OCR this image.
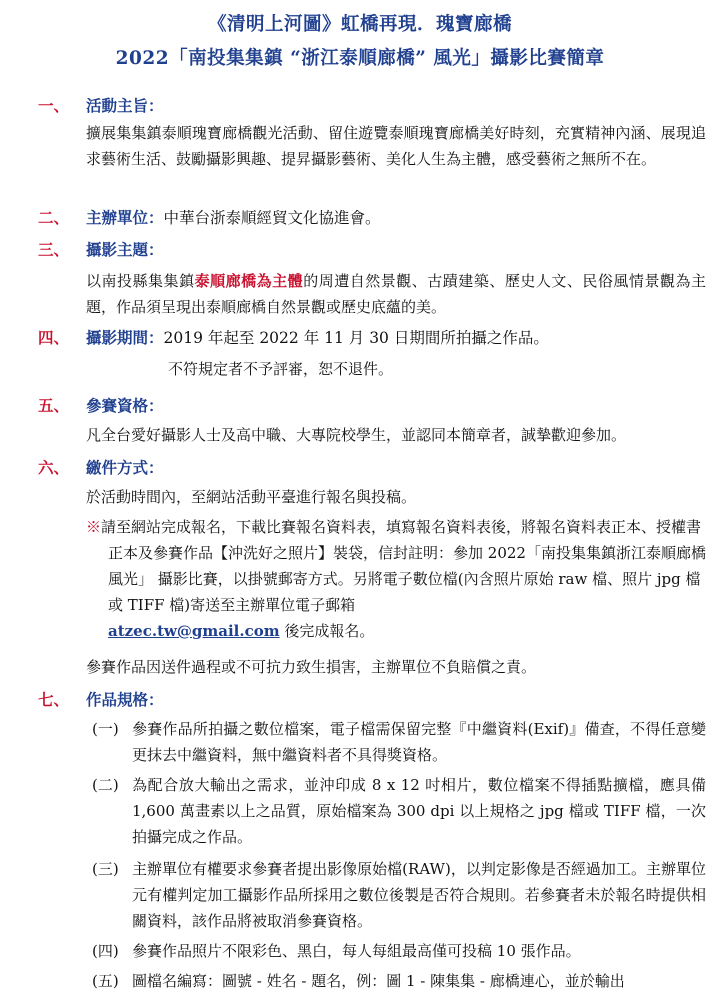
《清明上河圖》虹橋再現．瑰寶廊橋
2022「南投集集鎮 “浙江泰順廊橋” 風光」攝影比賽簡章
一、 活動主旨：
擴展集集鎮泰順瑰寶廊橋觀光活動、留住遊覽泰順瑰寶廊橋美好時刻，充實精神內涵、展現追求藝術生活、鼓勵攝影興趣、提昇攝影藝術、美化人生為主體，感受藝術之無所不在。
二、 主辦單位：中華台浙泰順經貿文化協進會。
三、 攝影主題：
以南投縣集集鎮泰順廊橋為主體的周遭自然景觀、古蹟建築、歷史人文、民俗風情景觀為主題，作品須呈現出泰順廊橋自然景觀或歷史底蘊的美。
四、 攝影期間：2019 年起至 2022 年 11 月 30 日期間所拍攝之作品。
不符規定者不予評審，恕不退件。
五、 參賽資格：
凡全台愛好攝影人士及高中職、大專院校學生，並認同本簡章者，誠摯歡迎參加。
六、 繳件方式：
於活動時間內，至網站活動平臺進行報名與投稿。
※請至網站完成報名，下載比賽報名資料表，填寫報名資料表後，將報名資料表正本、授權書正本及參賽作品【沖洗好之照片】裝袋，信封註明：參加 2022「南投集集鎮浙江泰順廊橋風光」 攝影比賽，以掛號郵寄方式。另將電子數位檔(內含照片原始 raw 檔、照片 jpg 檔或 TIFF 檔)寄送至主辦單位電子郵箱
atzec.tw@gmail.com 後完成報名。
參賽作品因送件過程或不可抗力致生損害，主辦單位不負賠償之責。
七、 作品規格：
(一) 參賽作品所拍攝之數位檔案，電子檔需保留完整『中繼資料(Exif)』備查，不得任意變更抹去中繼資料，無中繼資料者不具得獎資格。
(二) 為配合放大輸出之需求，並沖印成 8 x 12 吋相片，數位檔案不得插點擴檔，應具備 1,600 萬畫素以上之品質，原始檔案為 300 dpi 以上規格之 jpg 檔或 TIFF 檔，一次拍攝完成之作品。
(三) 主辦單位有權要求參賽者提出影像原始檔(RAW)，以判定影像是否經過加工。主辦單位元有權判定加工攝影作品所採用之數位後製是否符合規則。若參賽者未於報名時提供相關資料，該作品將被取消參賽資格。
(四) 參賽作品照片不限彩色、黑白，每人每組最高僅可投稿 10 張作品。
(五) 圖檔名編寫：圖號 - 姓名 - 題名，例：圖 1 - 陳集集 - 廊橋連心，並於輸出
